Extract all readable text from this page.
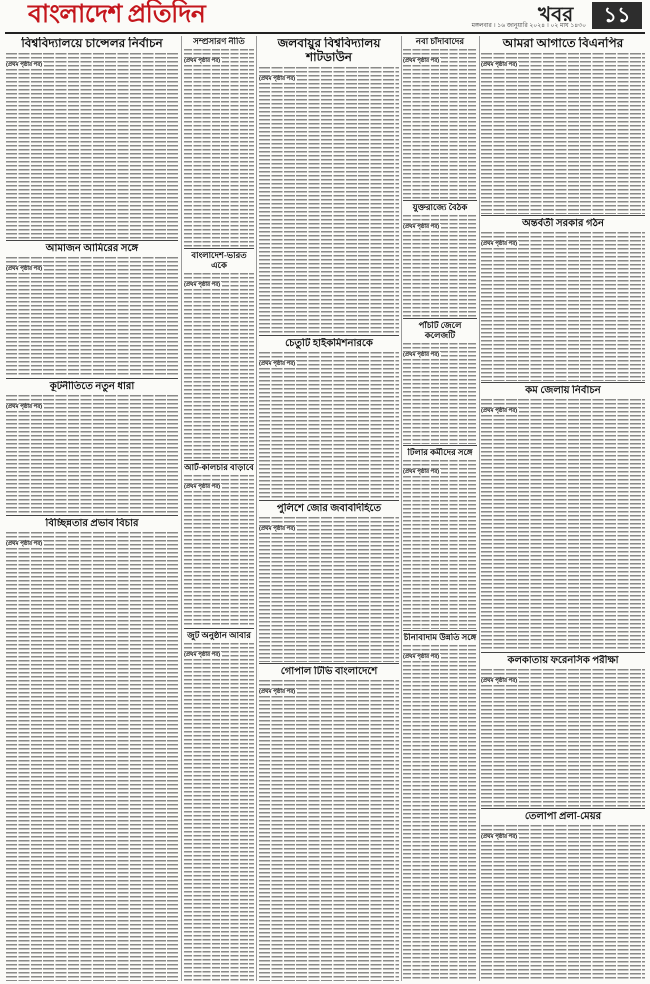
বাংলাদেশ প্রতিদিন	খবর	১১
মঙ্গলবার । ১৬ জানুয়ারি ২০২৪ । ০২ মাঘ ১৪৩০
বিশ্ববিদ্যালয়ে চান্সেলর নির্বাচন
(প্রথম পৃষ্ঠার পর)
আমাজন আমিরের সঙ্গে
(প্রথম পৃষ্ঠার পর)
কূটনীতিতে নতুন ধারা
(প্রথম পৃষ্ঠার পর)
বিচ্ছিন্নতার প্রভাব বিচার
(প্রথম পৃষ্ঠার পর)
সম্প্রসারণ নীতি
(প্রথম পৃষ্ঠার পর)
বাংলাদেশ-ভারত একে
(প্রথম পৃষ্ঠার পর)
আর্ট-কালচার বাড়াবে
(প্রথম পৃষ্ঠার পর)
জুট অনুষ্ঠান আবার
(প্রথম পৃষ্ঠার পর)
জলবায়ুর বিশ্ববিদ্যালয় শাটডাউন
(প্রথম পৃষ্ঠার পর)
চেতুটি হাইকমিশনারকে
(প্রথম পৃষ্ঠার পর)
পুলিশে জোর জবাবদিহিতে
(প্রথম পৃষ্ঠার পর)
গোপাল টিভি বাংলাদেশে
(প্রথম পৃষ্ঠার পর)
নবা চাঁদাবাদের
(প্রথম পৃষ্ঠার পর)
যুক্তরাজ্যে বৈঠক
(প্রথম পৃষ্ঠার পর)
পাঁচটি জেলে কলেজটি
(প্রথম পৃষ্ঠার পর)
টিলার কর্মীদের সঙ্গে
(প্রথম পৃষ্ঠার পর)
চীনাবাদাম উন্নতি সঙ্গে
(প্রথম পৃষ্ঠার পর)
আমরা আগাতে বিএনপির
(প্রথম পৃষ্ঠার পর)
অন্তর্বর্তী সরকার গঠন
(প্রথম পৃষ্ঠার পর)
কম জেলায় নির্বাচন
(প্রথম পৃষ্ঠার পর)
কলকাতায় ফরেনসিক পরীক্ষা
(প্রথম পৃষ্ঠার পর)
তেলাপা প্রলা-মেয়র
(প্রথম পৃষ্ঠার পর)
